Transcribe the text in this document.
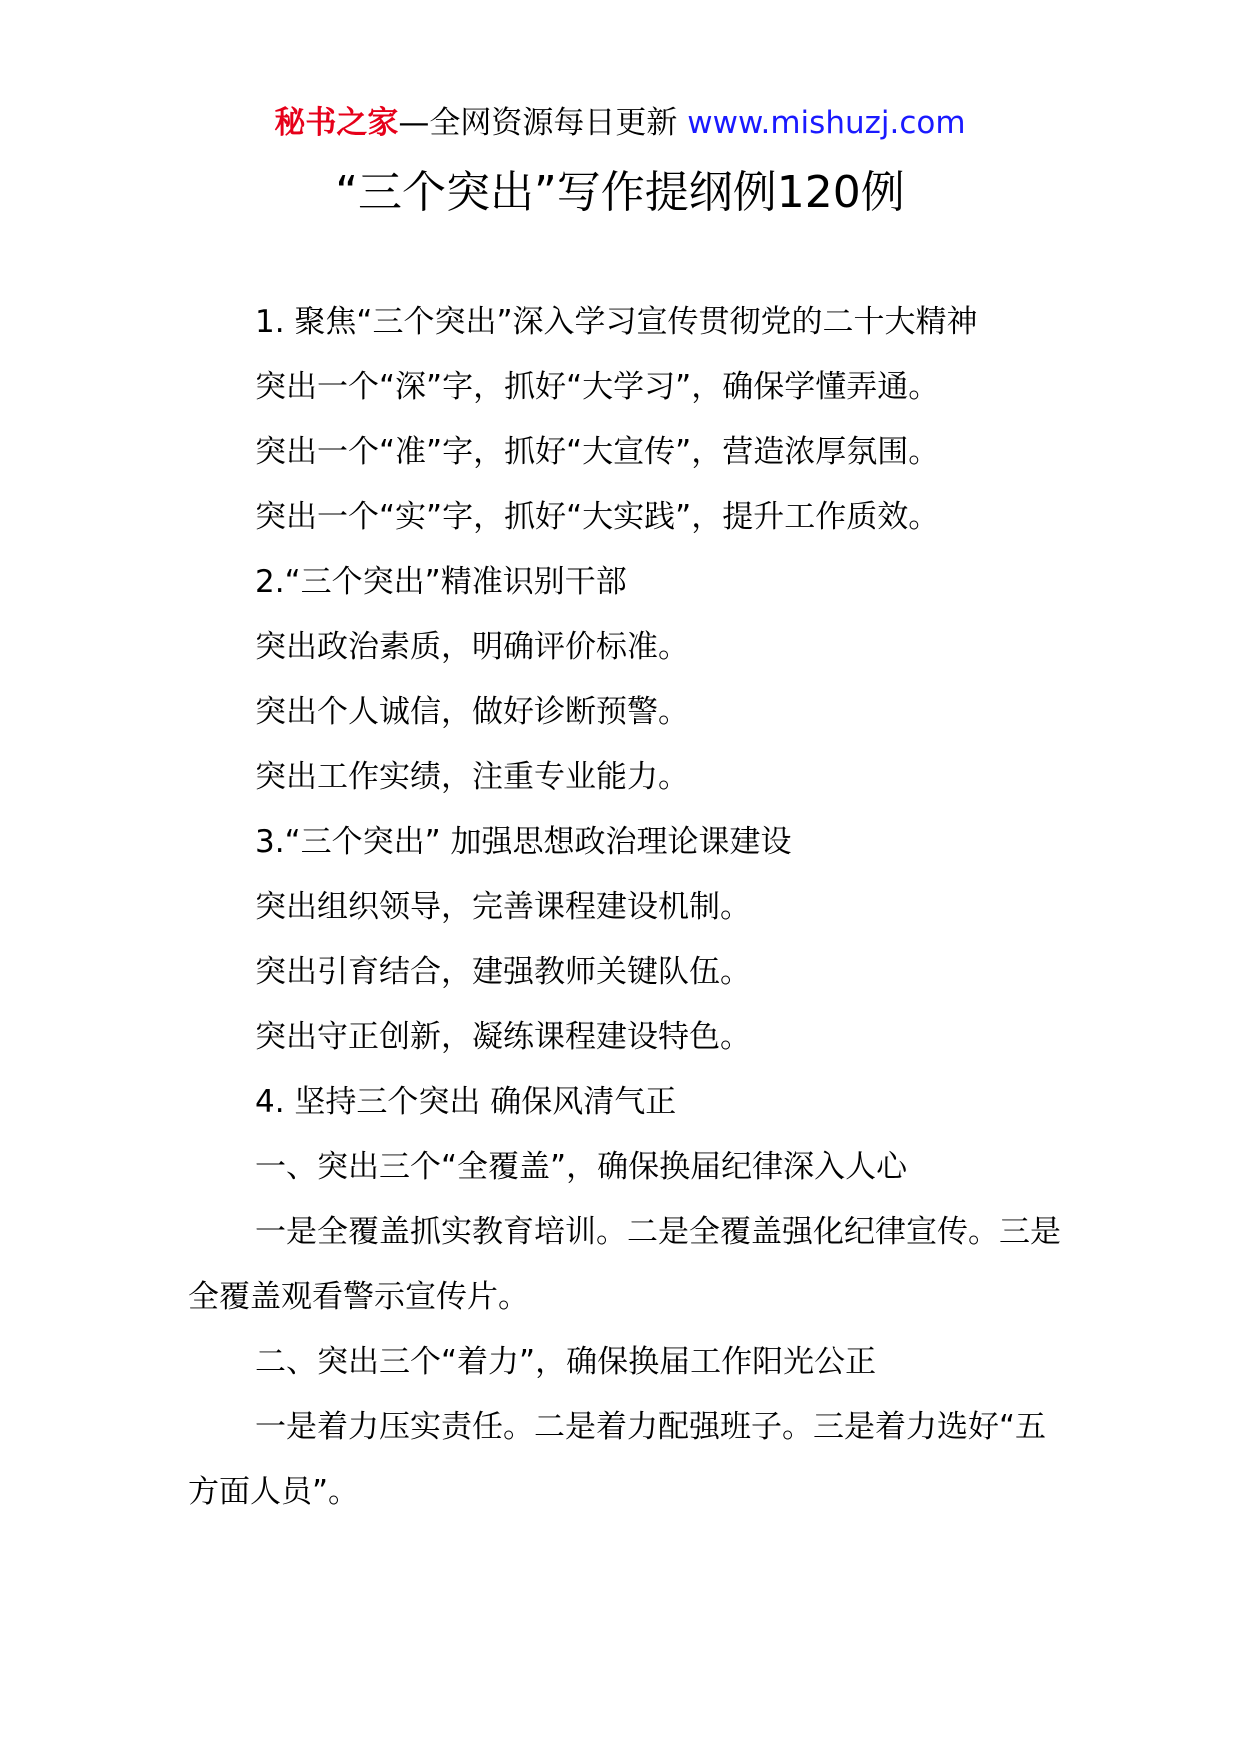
秘书之家—全网资源每日更新 www.mishuzj.com
“三个突出”写作提纲例120例

1. 聚焦“三个突出”深入学习宣传贯彻党的二十大精神

突出一个“深”字，抓好“大学习”，确保学懂弄通。

突出一个“准”字，抓好“大宣传”，营造浓厚氛围。

突出一个“实”字，抓好“大实践”，提升工作质效。

2.“三个突出”精准识别干部

突出政治素质，明确评价标准。

突出个人诚信，做好诊断预警。

突出工作实绩，注重专业能力。

3.“三个突出” 加强思想政治理论课建设

突出组织领导，完善课程建设机制。

突出引育结合，建强教师关键队伍。

突出守正创新，凝练课程建设特色。

4. 坚持三个突出 确保风清气正

一、突出三个“全覆盖”，确保换届纪律深入人心

一是全覆盖抓实教育培训。二是全覆盖强化纪律宣传。三是全覆盖观看警示宣传片。

二、突出三个“着力”，确保换届工作阳光公正

一是着力压实责任。二是着力配强班子。三是着力选好“五方面人员”。
